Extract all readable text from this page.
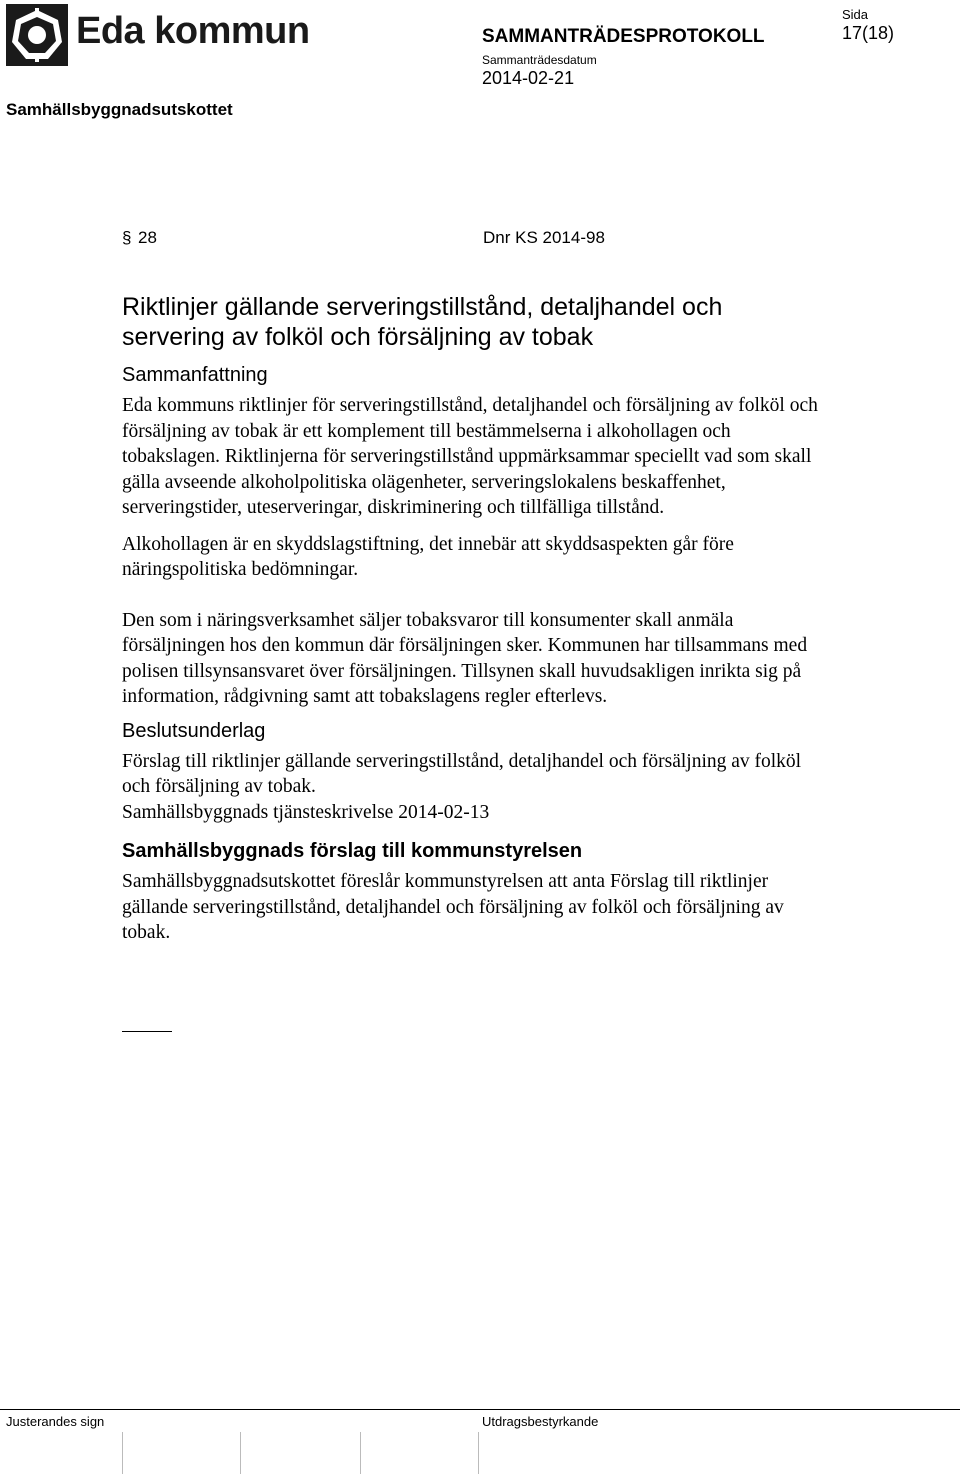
Eda kommun	SAMMANTRÄDESPROTOKOLL
Sammanträdesdatum
2014-02-21
Sida
17(18)
Samhällsbyggnadsutskottet
§ 28	Dnr KS 2014-98
Riktlinjer gällande serveringstillstånd, detaljhandel och servering av folköl och försäljning av tobak
Sammanfattning

Eda kommuns riktlinjer för serveringstillstånd, detaljhandel och försäljning av folköl och försäljning av tobak är ett komplement till bestämmelserna i alkohollagen och tobakslagen. Riktlinjerna för serveringstillstånd uppmärksammar speciellt vad som skall gälla avseende alkoholpolitiska olägenheter, serveringslokalens beskaffenhet, serveringstider, uteserveringar, diskriminering och tillfälliga tillstånd.

Alkohollagen är en skyddslagstiftning, det innebär att skyddsaspekten går före näringspolitiska bedömningar.

Den som i näringsverksamhet säljer tobaksvaror till konsumenter skall anmäla försäljningen hos den kommun där försäljningen sker. Kommunen har tillsammans med polisen tillsynsansvaret över försäljningen. Tillsynen skall huvudsakligen inrikta sig på information, rådgivning samt att tobakslagens regler efterlevs.

Beslutsunderlag

Förslag till riktlinjer gällande serveringstillstånd, detaljhandel och försäljning av folköl och försäljning av tobak.

Samhällsbyggnads tjänsteskrivelse 2014-02-13

Samhällsbyggnads förslag till kommunstyrelsen

Samhällsbyggnadsutskottet föreslår kommunstyrelsen att anta Förslag till riktlinjer gällande serveringstillstånd, detaljhandel och försäljning av folköl och försäljning av tobak.

Justerandes sign	Utdragsbestyrkande
